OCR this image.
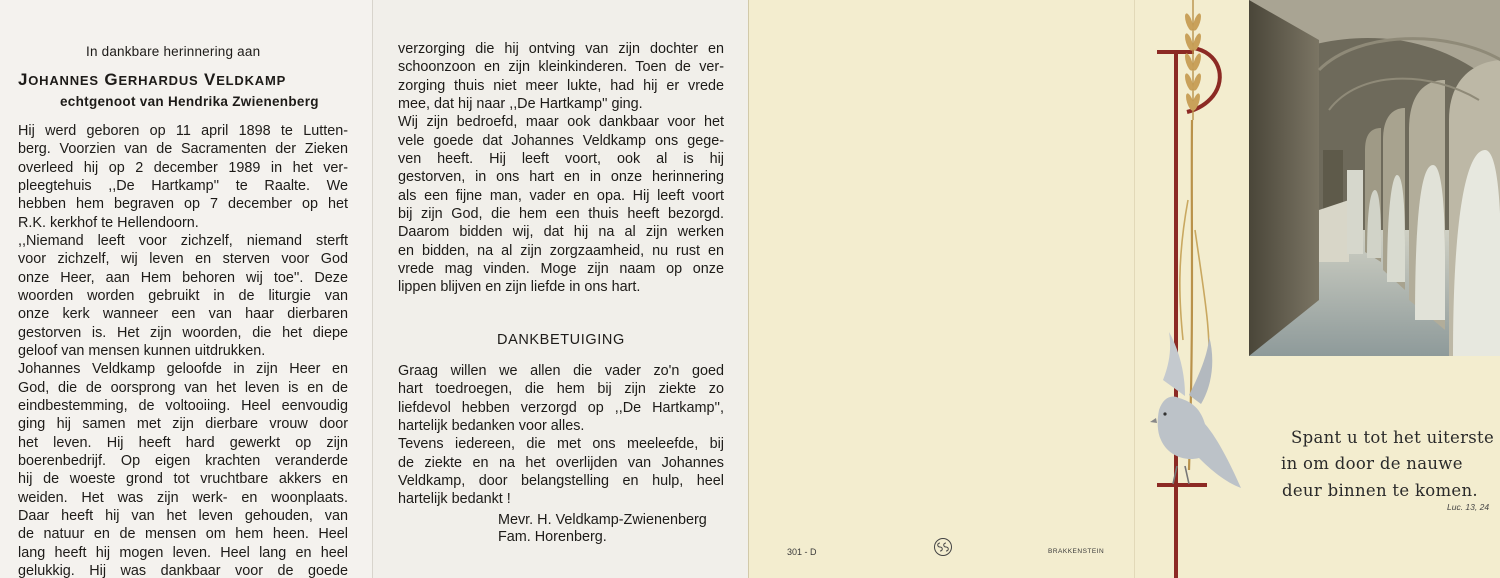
In dankbare herinnering aan
JOHANNES GERHARDUS VELDKAMP
echtgenoot van Hendrika Zwienenberg
Hij werd geboren op 11 april 1898 te Lutten-
berg. Voorzien van de Sacramenten der Zieken
overleed hij op 2 december 1989 in het ver-
pleegtehuis ,,De Hartkamp'' te Raalte. We
hebben hem begraven op 7 december op het
R.K. kerkhof te Hellendoorn.
,,Niemand leeft voor zichzelf, niemand sterft
voor zichzelf, wij leven en sterven voor God
onze Heer, aan Hem behoren wij toe''. Deze
woorden worden gebruikt in de liturgie van
onze kerk wanneer een van haar dierbaren
gestorven is. Het zijn woorden, die het diepe
geloof van mensen kunnen uitdrukken.
Johannes Veldkamp geloofde in zijn Heer en
God, die de oorsprong van het leven is en de
eindbestemming, de voltooiing. Heel eenvoudig
ging hij samen met zijn dierbare vrouw door
het leven. Hij heeft hard gewerkt op zijn
boerenbedrijf. Op eigen krachten veranderde
hij de woeste grond tot vruchtbare akkers en
weiden. Het was zijn werk- en woonplaats.
Daar heeft hij van het leven gehouden, van
de natuur en de mensen om hem heen. Heel
lang heeft hij mogen leven. Heel lang en heel
gelukkig. Hij was dankbaar voor de goede
verzorging die hij ontving van zijn dochter en
schoonzoon en zijn kleinkinderen. Toen de ver-
zorging thuis niet meer lukte, had hij er vrede
mee, dat hij naar ,,De Hartkamp'' ging.
Wij zijn bedroefd, maar ook dankbaar voor het
vele goede dat Johannes Veldkamp ons gege-
ven heeft. Hij leeft voort, ook al is hij
gestorven, in ons hart en in onze herinnering
als een fijne man, vader en opa. Hij leeft voort
bij zijn God, die hem een thuis heeft bezorgd.
Daarom bidden wij, dat hij na al zijn werken
en bidden, na al zijn zorgzaamheid, nu rust en
vrede mag vinden. Moge zijn naam op onze
lippen blijven en zijn liefde in ons hart.
DANKBETUIGING
Graag willen we allen die vader zo'n goed
hart toedroegen, die hem bij zijn ziekte zo
liefdevol hebben verzorgd op ,,De Hartkamp'',
hartelijk bedanken voor alles.
Tevens iedereen, die met ons meeleefde, bij
de ziekte en na het overlijden van Johannes
Veldkamp, door belangstelling en hulp, heel
hartelijk bedankt !
Mevr. H. Veldkamp-Zwienenberg
Fam. Horenberg.
Spant u tot het uiterste
in om door de nauwe
deur binnen te komen.
Luc. 13, 24
301 - D	BRAKKENSTEIN
